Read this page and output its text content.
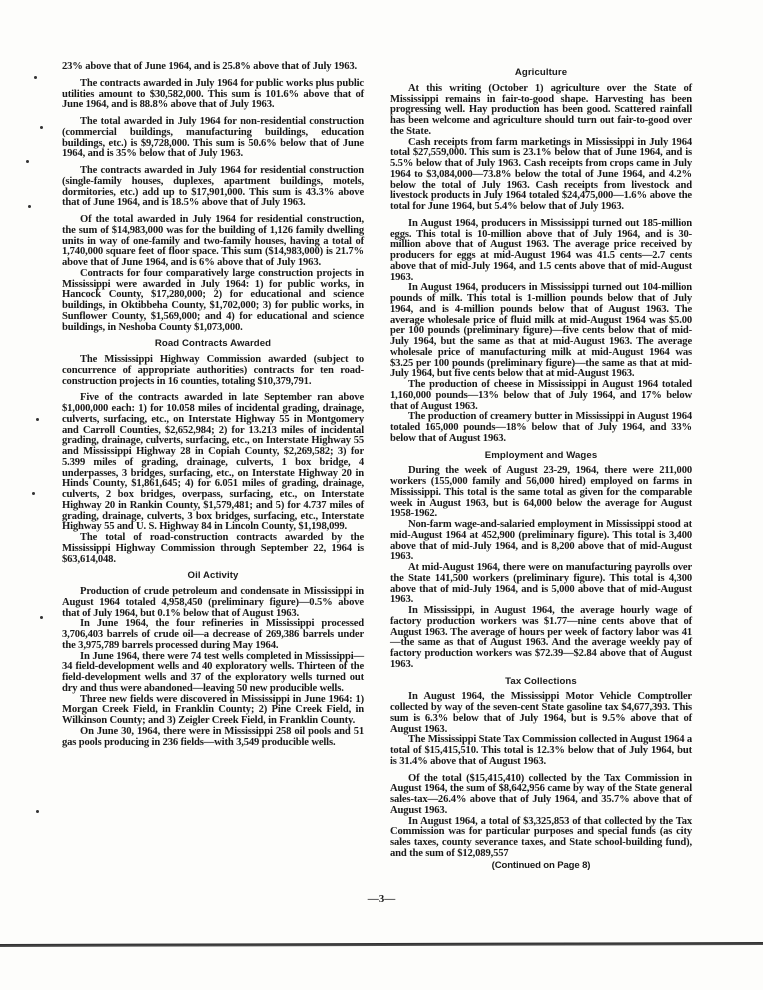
23% above that of June 1964, and is 25.8% above that of July 1963.

The contracts awarded in July 1964 for public works plus public utilities amount to $30,582,000. This sum is 101.6% above that of June 1964, and is 88.8% above that of July 1963.

The total awarded in July 1964 for non-residential construction (commercial buildings, manufacturing buildings, education buildings, etc.) is $9,728,000. This sum is 50.6% below that of June 1964, and is 35% below that of July 1963.

The contracts awarded in July 1964 for residential construction (single-family houses, duplexes, apartment buildings, motels, dormitories, etc.) add up to $17,901,000. This sum is 43.3% above that of June 1964, and is 18.5% above that of July 1963.

Of the total awarded in July 1964 for residential construction, the sum of $14,983,000 was for the building of 1,126 family dwelling units in way of one-family and two-family houses, having a total of 1,740,000 square feet of floor space. This sum ($14,983,000) is 21.7% above that of June 1964, and is 6% above that of July 1963.

Contracts for four comparatively large construction projects in Mississippi were awarded in July 1964: 1) for public works, in Hancock County, $17,280,000; 2) for educational and science buildings, in Oktibbeha County, $1,702,000; 3) for public works, in Sunflower County, $1,569,000; and 4) for educational and science buildings, in Neshoba County $1,073,000.

Road Contracts Awarded

The Mississippi Highway Commission awarded (subject to concurrence of appropriate authorities) contracts for ten road-construction projects in 16 counties, totaling $10,379,791.

Five of the contracts awarded in late September ran above $1,000,000 each: 1) for 10.058 miles of incidental grading, drainage, culverts, surfacing, etc., on Interstate Highway 55 in Montgomery and Carroll Counties, $2,652,984; 2) for 13.213 miles of incidental grading, drainage, culverts, surfacing, etc., on Interstate Highway 55 and Mississippi Highway 28 in Copiah County, $2,269,582; 3) for 5.399 miles of grading, drainage, culverts, 1 box bridge, 4 underpasses, 3 bridges, surfacing, etc., on Interstate Highway 20 in Hinds County, $1,861,645; 4) for 6.051 miles of grading, drainage, culverts, 2 box bridges, overpass, surfacing, etc., on Interstate Highway 20 in Rankin County, $1,579,481; and 5) for 4.737 miles of grading, drainage, culverts, 3 box bridges, surfacing, etc., Interstate Highway 55 and U. S. Highway 84 in Lincoln County, $1,198,099.

The total of road-construction contracts awarded by the Mississippi Highway Commission through September 22, 1964 is $63,614,048.

Oil Activity

Production of crude petroleum and condensate in Mississippi in August 1964 totaled 4,958,450 (preliminary figure)—0.5% above that of July 1964, but 0.1% below that of August 1963.

In June 1964, the four refineries in Mississippi processed 3,706,403 barrels of crude oil—a decrease of 269,386 barrels under the 3,975,789 barrels processed during May 1964.

In June 1964, there were 74 test wells completed in Mississippi—34 field-development wells and 40 exploratory wells. Thirteen of the field-development wells and 37 of the exploratory wells turned out dry and thus were abandoned—leaving 50 new producible wells.

Three new fields were discovered in Mississippi in June 1964: 1) Morgan Creek Field, in Franklin County; 2) Pine Creek Field, in Wilkinson County; and 3) Zeigler Creek Field, in Franklin County.

On June 30, 1964, there were in Mississippi 258 oil pools and 51 gas pools producing in 236 fields—with 3,549 producible wells.

Agriculture

At this writing (October 1) agriculture over the State of Mississippi remains in fair-to-good shape. Harvesting has been progressing well. Hay production has been good. Scattered rainfall has been welcome and agriculture should turn out fair-to-good over the State.

Cash receipts from farm marketings in Mississippi in July 1964 total $27,559,000. This sum is 23.1% below that of June 1964, and is 5.5% below that of July 1963. Cash receipts from crops came in July 1964 to $3,084,000—73.8% below the total of June 1964, and 4.2% below the total of July 1963. Cash receipts from livestock and livestock products in July 1964 totaled $24,475,000—1.6% above the total for June 1964, but 5.4% below that of July 1963.

In August 1964, producers in Mississippi turned out 185-million eggs. This total is 10-million above that of July 1964, and is 30-million above that of August 1963. The average price received by producers for eggs at mid-August 1964 was 41.5 cents—2.7 cents above that of mid-July 1964, and 1.5 cents above that of mid-August 1963.

In August 1964, producers in Mississippi turned out 104-million pounds of milk. This total is 1-million pounds below that of July 1964, and is 4-million pounds below that of August 1963. The average wholesale price of fluid milk at mid-August 1964 was $5.00 per 100 pounds (preliminary figure)—five cents below that of mid-July 1964, but the same as that at mid-August 1963. The average wholesale price of manufacturing milk at mid-August 1964 was $3.25 per 100 pounds (preliminary figure)—the same as that at mid-July 1964, but five cents below that at mid-August 1963.

The production of cheese in Mississippi in August 1964 totaled 1,160,000 pounds—13% below that of July 1964, and 17% below that of August 1963.

The production of creamery butter in Mississippi in August 1964 totaled 165,000 pounds—18% below that of July 1964, and 33% below that of August 1963.

Employment and Wages

During the week of August 23-29, 1964, there were 211,000 workers (155,000 family and 56,000 hired) employed on farms in Mississippi. This total is the same total as given for the comparable week in August 1963, but is 64,000 below the average for August 1958-1962.

Non-farm wage-and-salaried employment in Mississippi stood at mid-August 1964 at 452,900 (preliminary figure). This total is 3,400 above that of mid-July 1964, and is 8,200 above that of mid-August 1963.

At mid-August 1964, there were on manufacturing payrolls over the State 141,500 workers (preliminary figure). This total is 4,300 above that of mid-July 1964, and is 5,000 above that of mid-August 1963.

In Mississippi, in August 1964, the average hourly wage of factory production workers was $1.77—nine cents above that of August 1963. The average of hours per week of factory labor was 41—the same as that of August 1963. And the average weekly pay of factory production workers was $72.39—$2.84 above that of August 1963.

Tax Collections

In August 1964, the Mississippi Motor Vehicle Comptroller collected by way of the seven-cent State gasoline tax $4,677,393. This sum is 6.3% below that of July 1964, but is 9.5% above that of August 1963.

The Mississippi State Tax Commission collected in August 1964 a total of $15,415,510. This total is 12.3% below that of July 1964, but is 31.4% above that of August 1963.

Of the total ($15,415,410) collected by the Tax Commission in August 1964, the sum of $8,642,956 came by way of the State general sales-tax—26.4% above that of July 1964, and 35.7% above that of August 1963.

In August 1964, a total of $3,325,853 of that collected by the Tax Commission was for particular purposes and special funds (as city sales taxes, county severance taxes, and State school-building fund), and the sum of $12,089,557

(Continued on Page 8)
—3—
